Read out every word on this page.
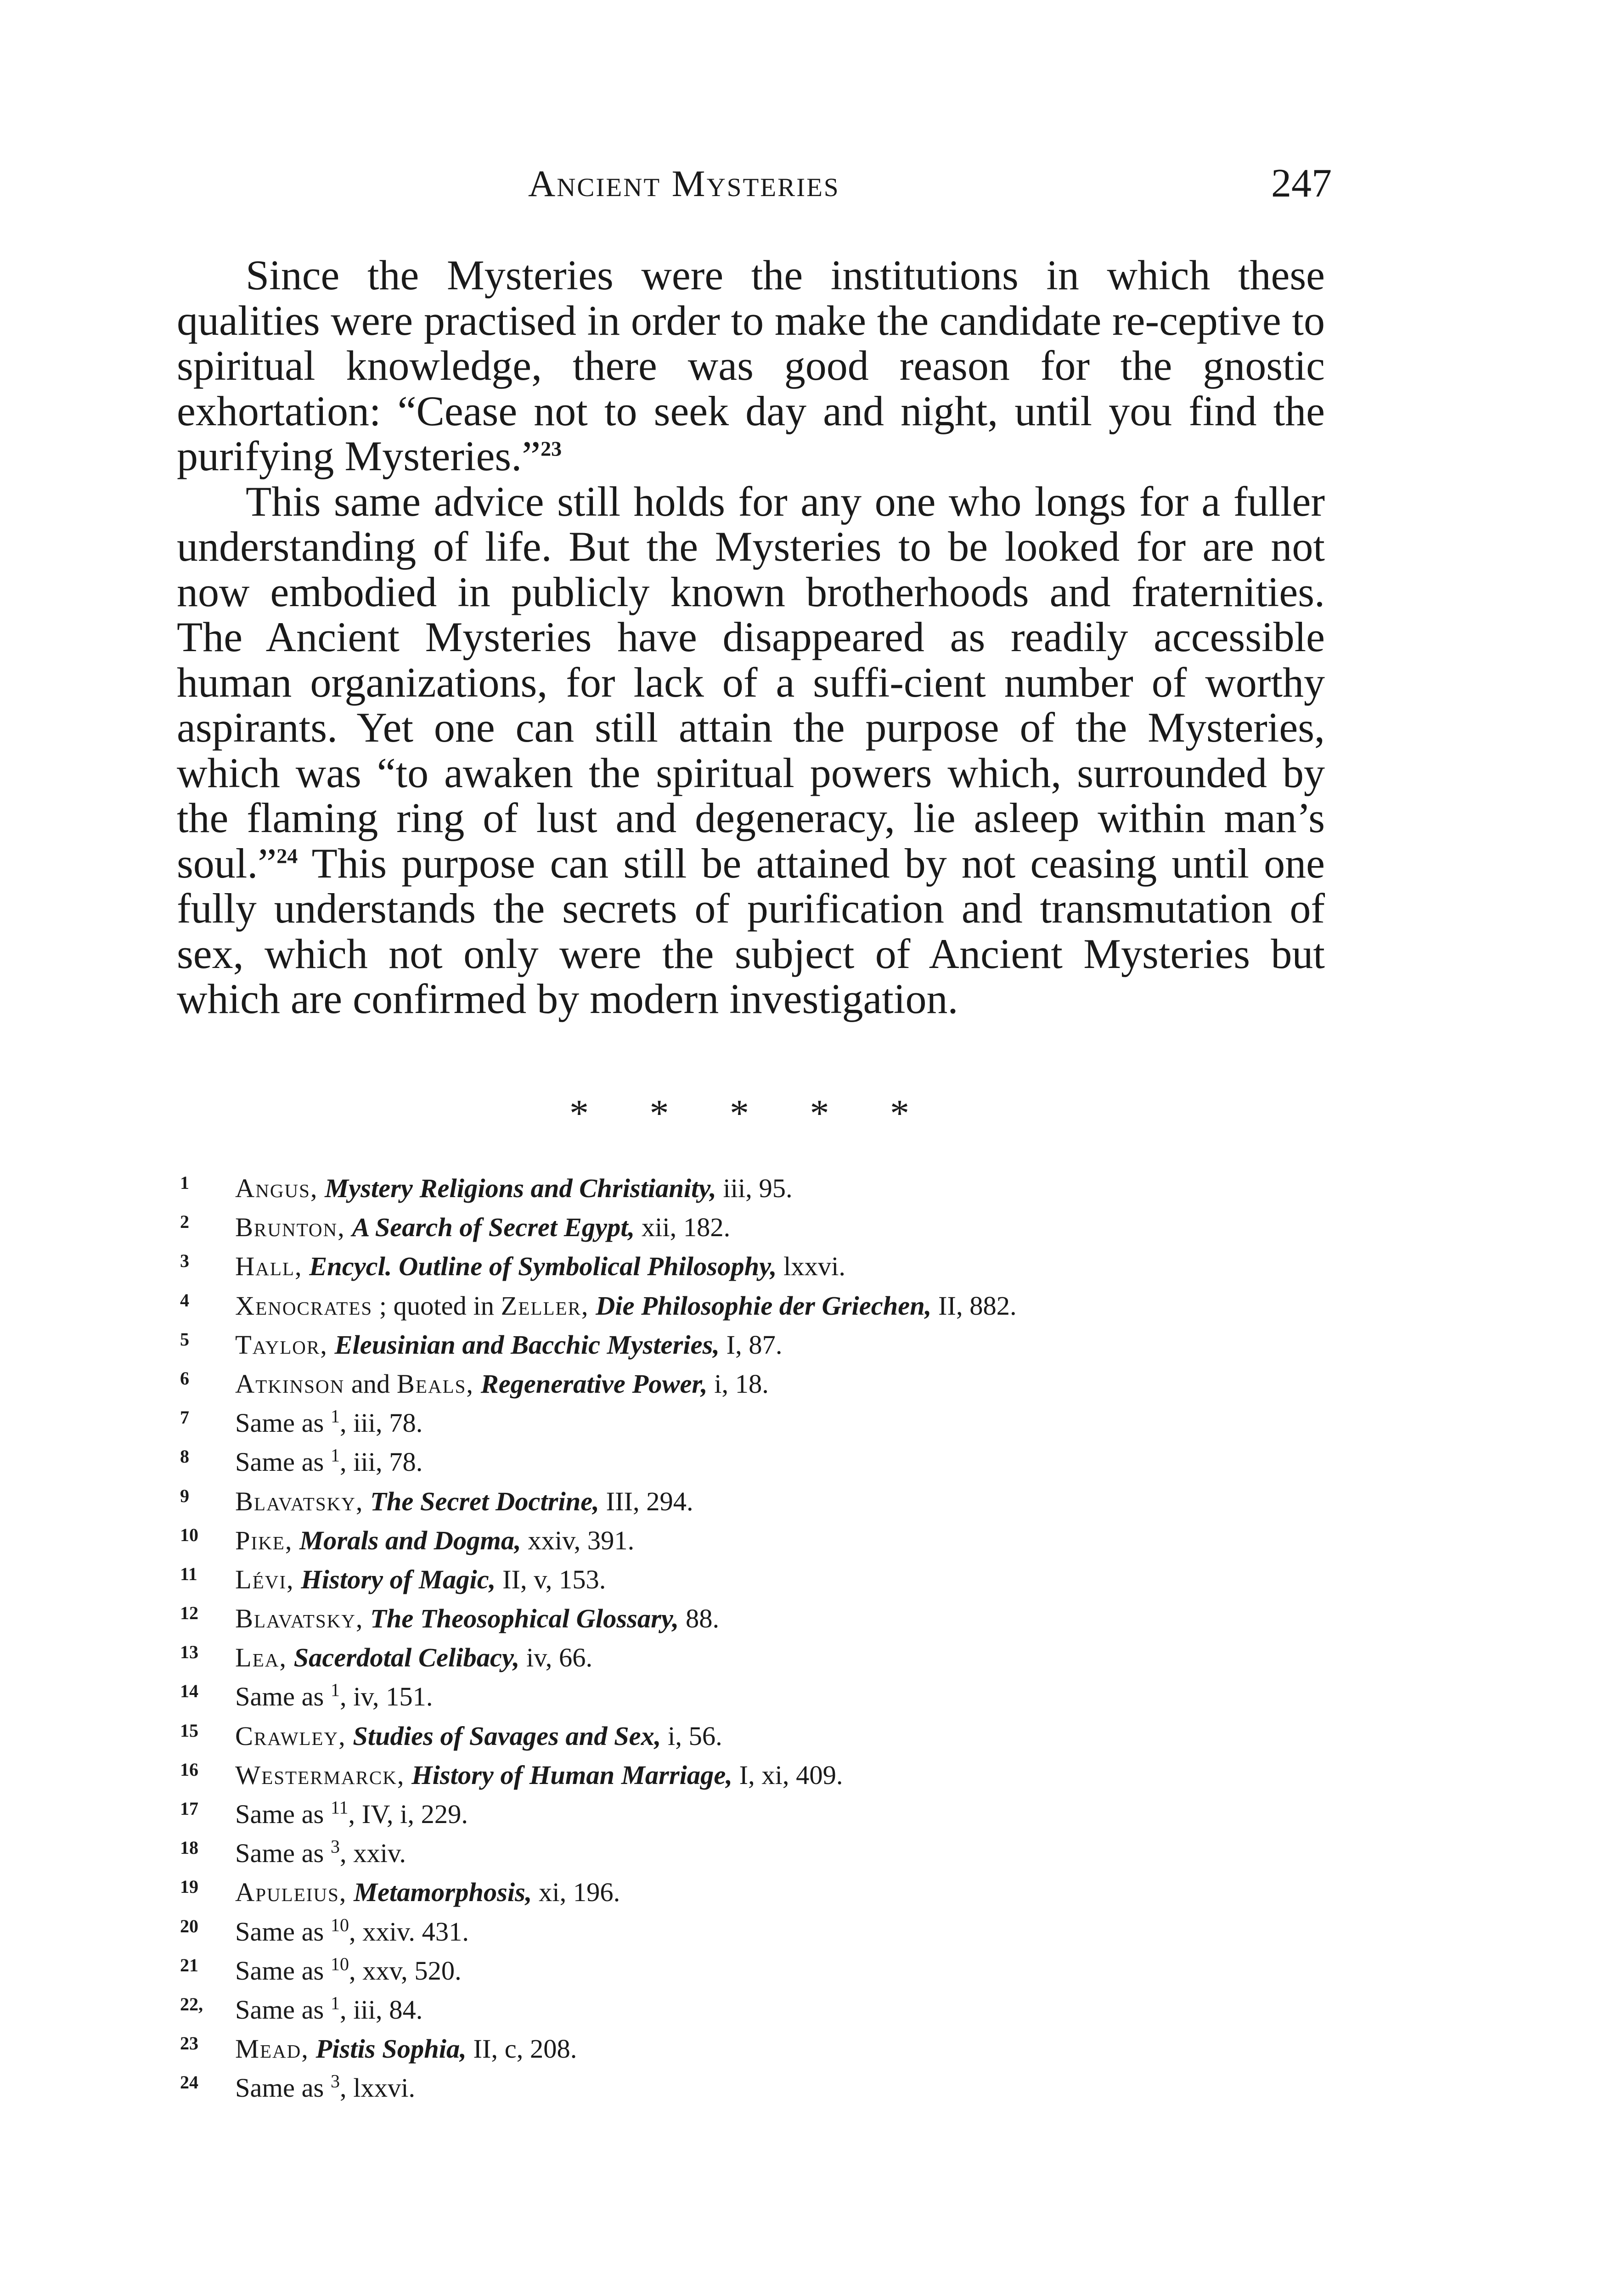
Ancient Mysteries	247

Since the Mysteries were the institutions in which these qualities were practised in order to make the candidate re-ceptive to spiritual knowledge, there was good reason for the gnostic exhortation: “Cease not to seek day and night, until you find the purifying Mysteries.”$^{23}$

This same advice still holds for any one who longs for a fuller understanding of life. But the Mysteries to be looked for are not now embodied in publicly known brotherhoods and fraternities. The Ancient Mysteries have disappeared as readily accessible human organizations, for lack of a suffi-cient number of worthy aspirants. Yet one can still attain the purpose of the Mysteries, which was “to awaken the spiritual powers which, surrounded by the flaming ring of lust and degeneracy, lie asleep within man’s soul.”$^{24}$ This purpose can still be attained by not ceasing until one fully understands the secrets of purification and transmutation of sex, which not only were the subject of Ancient Mysteries but which are confirmed by modern investigation.

* * * * *
1	Angus, Mystery Religions and Christianity, iii, 95.
2	Brunton, A Search of Secret Egypt, xii, 182.
3	Hall, Encycl. Outline of Symbolical Philosophy, lxxvi.
4	Xenocrates ; quoted in Zeller, Die Philosophie der Griechen, II, 882.
5	Taylor, Eleusinian and Bacchic Mysteries, I, 87.
6	Atkinson and Beals, Regenerative Power, i, 18.
7	Same as $^1$, iii, 78.
8	Same as $^1$, iii, 78.
9	Blavatsky, The Secret Doctrine, III, 294.
10	Pike, Morals and Dogma, xxiv, 391.
11	Lévi, History of Magic, II, v, 153.
12	Blavatsky, The Theosophical Glossary, 88.
13	Lea, Sacerdotal Celibacy, iv, 66.
14	Same as $^1$, iv, 151.
15	Crawley, Studies of Savages and Sex, i, 56.
16	Westermarck, History of Human Marriage, I, xi, 409.
17	Same as $^{11}$, IV, i, 229.
18	Same as $^3$, xxiv.
19	Apuleius, Metamorphosis, xi, 196.
20	Same as $^{10}$, xxiv. 431.
21	Same as $^{10}$, xxv, 520.
22,	Same as $^1$, iii, 84.
23	Mead, Pistis Sophia, II, c, 208.
24	Same as $^3$, lxxvi.
